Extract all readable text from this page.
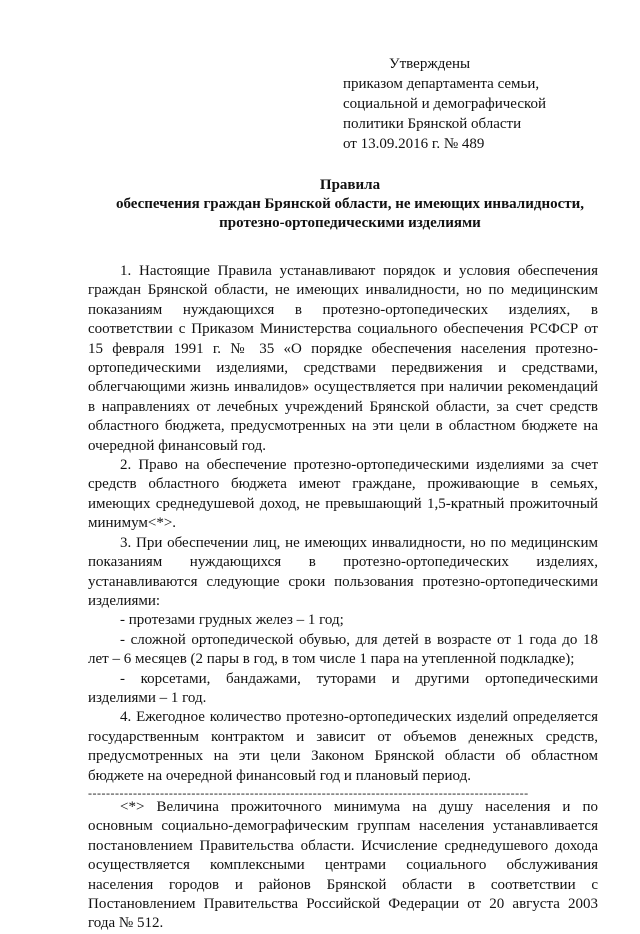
Утверждены
приказом департамента семьи,
социальной и демографической
политики Брянской области
от 13.09.2016 г. № 489
Правила
обеспечения граждан Брянской области, не имеющих инвалидности,
протезно-ортопедическими изделиями

1. Настоящие Правила устанавливают порядок и условия обеспечения граждан Брянской области, не имеющих инвалидности, но по медицинским показаниям нуждающихся в протезно-ортопедических изделиях, в соответствии с Приказом Министерства социального обеспечения РСФСР от 15 февраля 1991 г. № 35 «О порядке обеспечения населения протезно-ортопедическими изделиями, средствами передвижения и средствами, облегчающими жизнь инвалидов» осуществляется при наличии рекомендаций в направлениях от лечебных учреждений Брянской области, за счет средств областного бюджета, предусмотренных на эти цели в областном бюджете на очередной финансовый год.

2. Право на обеспечение протезно-ортопедическими изделиями за счет средств областного бюджета имеют граждане, проживающие в семьях, имеющих среднедушевой доход, не превышающий 1,5-кратный прожиточный минимум<*>.

3. При обеспечении лиц, не имеющих инвалидности, но по медицинским показаниям нуждающихся в протезно-ортопедических изделиях, устанавливаются следующие сроки пользования протезно-ортопедическими изделиями:

- протезами грудных желез – 1 год;

- сложной ортопедической обувью, для детей в возрасте от 1 года до 18 лет – 6 месяцев (2 пары в год, в том числе 1 пара на утепленной подкладке);

- корсетами, бандажами, туторами и другими ортопедическими изделиями – 1 год.

4. Ежегодное количество протезно-ортопедических изделий определяется государственным контрактом и зависит от объемов денежных средств, предусмотренных на эти цели Законом Брянской области об областном бюджете на очередной финансовый год и плановый период.

--------------------------------------------------------------------------------------------------

<*> Величина прожиточного минимума на душу населения и по основным социально-демографическим группам населения устанавливается постановлением Правительства области. Исчисление среднедушевого дохода осуществляется комплексными центрами социального обслуживания населения городов и районов Брянской области в соответствии с Постановлением Правительства Российской Федерации от 20 августа 2003 года № 512.
